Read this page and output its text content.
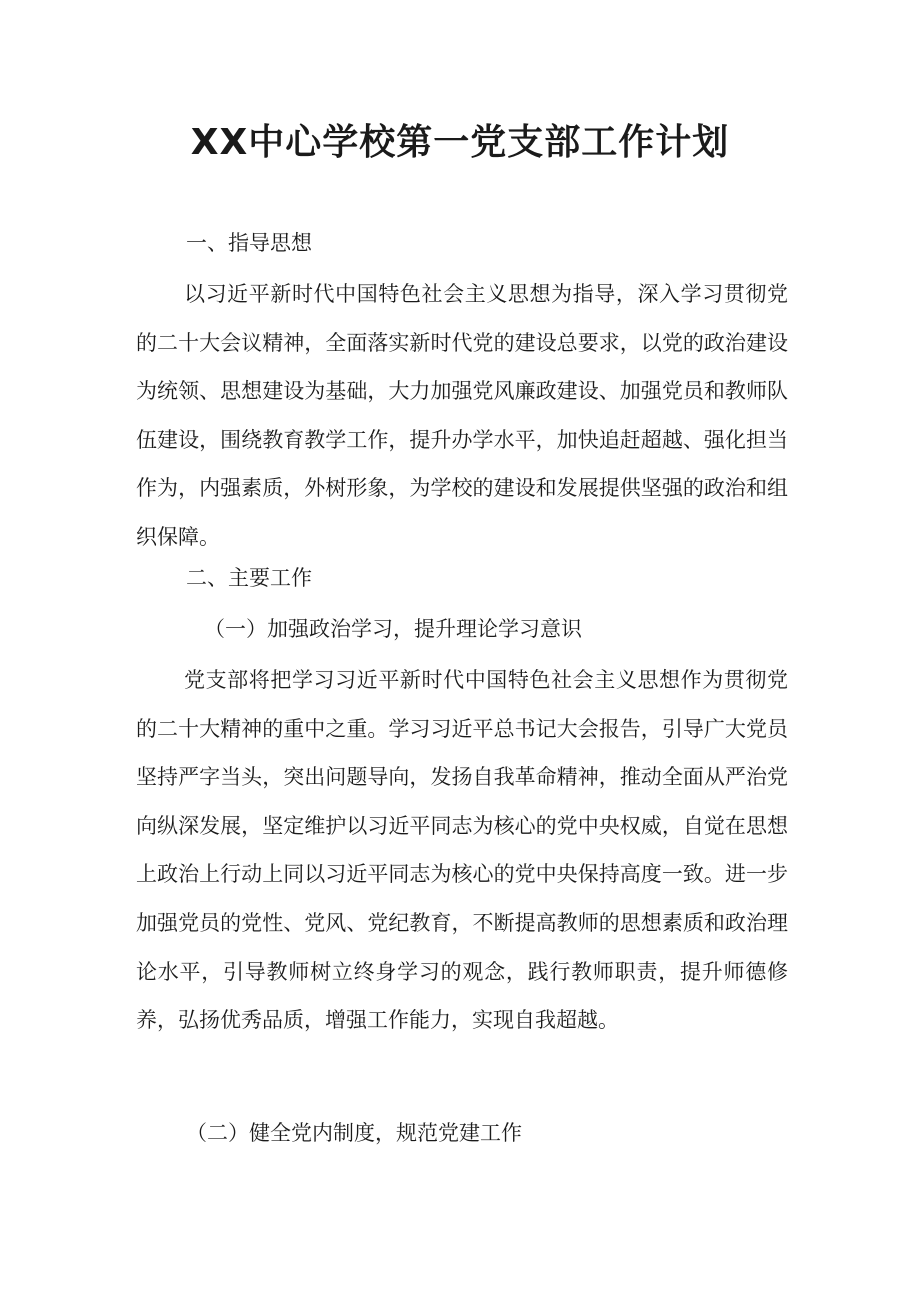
XX中心学校第一党支部工作计划

一、指导思想

以习近平新时代中国特色社会主义思想为指导，深入学习贯彻党的二十大会议精神，全面落实新时代党的建设总要求，以党的政治建设为统领、思想建设为基础，大力加强党风廉政建设、加强党员和教师队伍建设，围绕教育教学工作，提升办学水平，加快追赶超越、强化担当作为，内强素质，外树形象，为学校的建设和发展提供坚强的政治和组织保障。

二、主要工作

（一）加强政治学习，提升理论学习意识

党支部将把学习习近平新时代中国特色社会主义思想作为贯彻党的二十大精神的重中之重。学习习近平总书记大会报告，引导广大党员坚持严字当头，突出问题导向，发扬自我革命精神，推动全面从严治党向纵深发展，坚定维护以习近平同志为核心的党中央权威，自觉在思想上政治上行动上同以习近平同志为核心的党中央保持高度一致。进一步加强党员的党性、党风、党纪教育，不断提高教师的思想素质和政治理论水平，引导教师树立终身学习的观念，践行教师职责，提升师德修养，弘扬优秀品质，增强工作能力，实现自我超越。

（二）健全党内制度，规范党建工作
